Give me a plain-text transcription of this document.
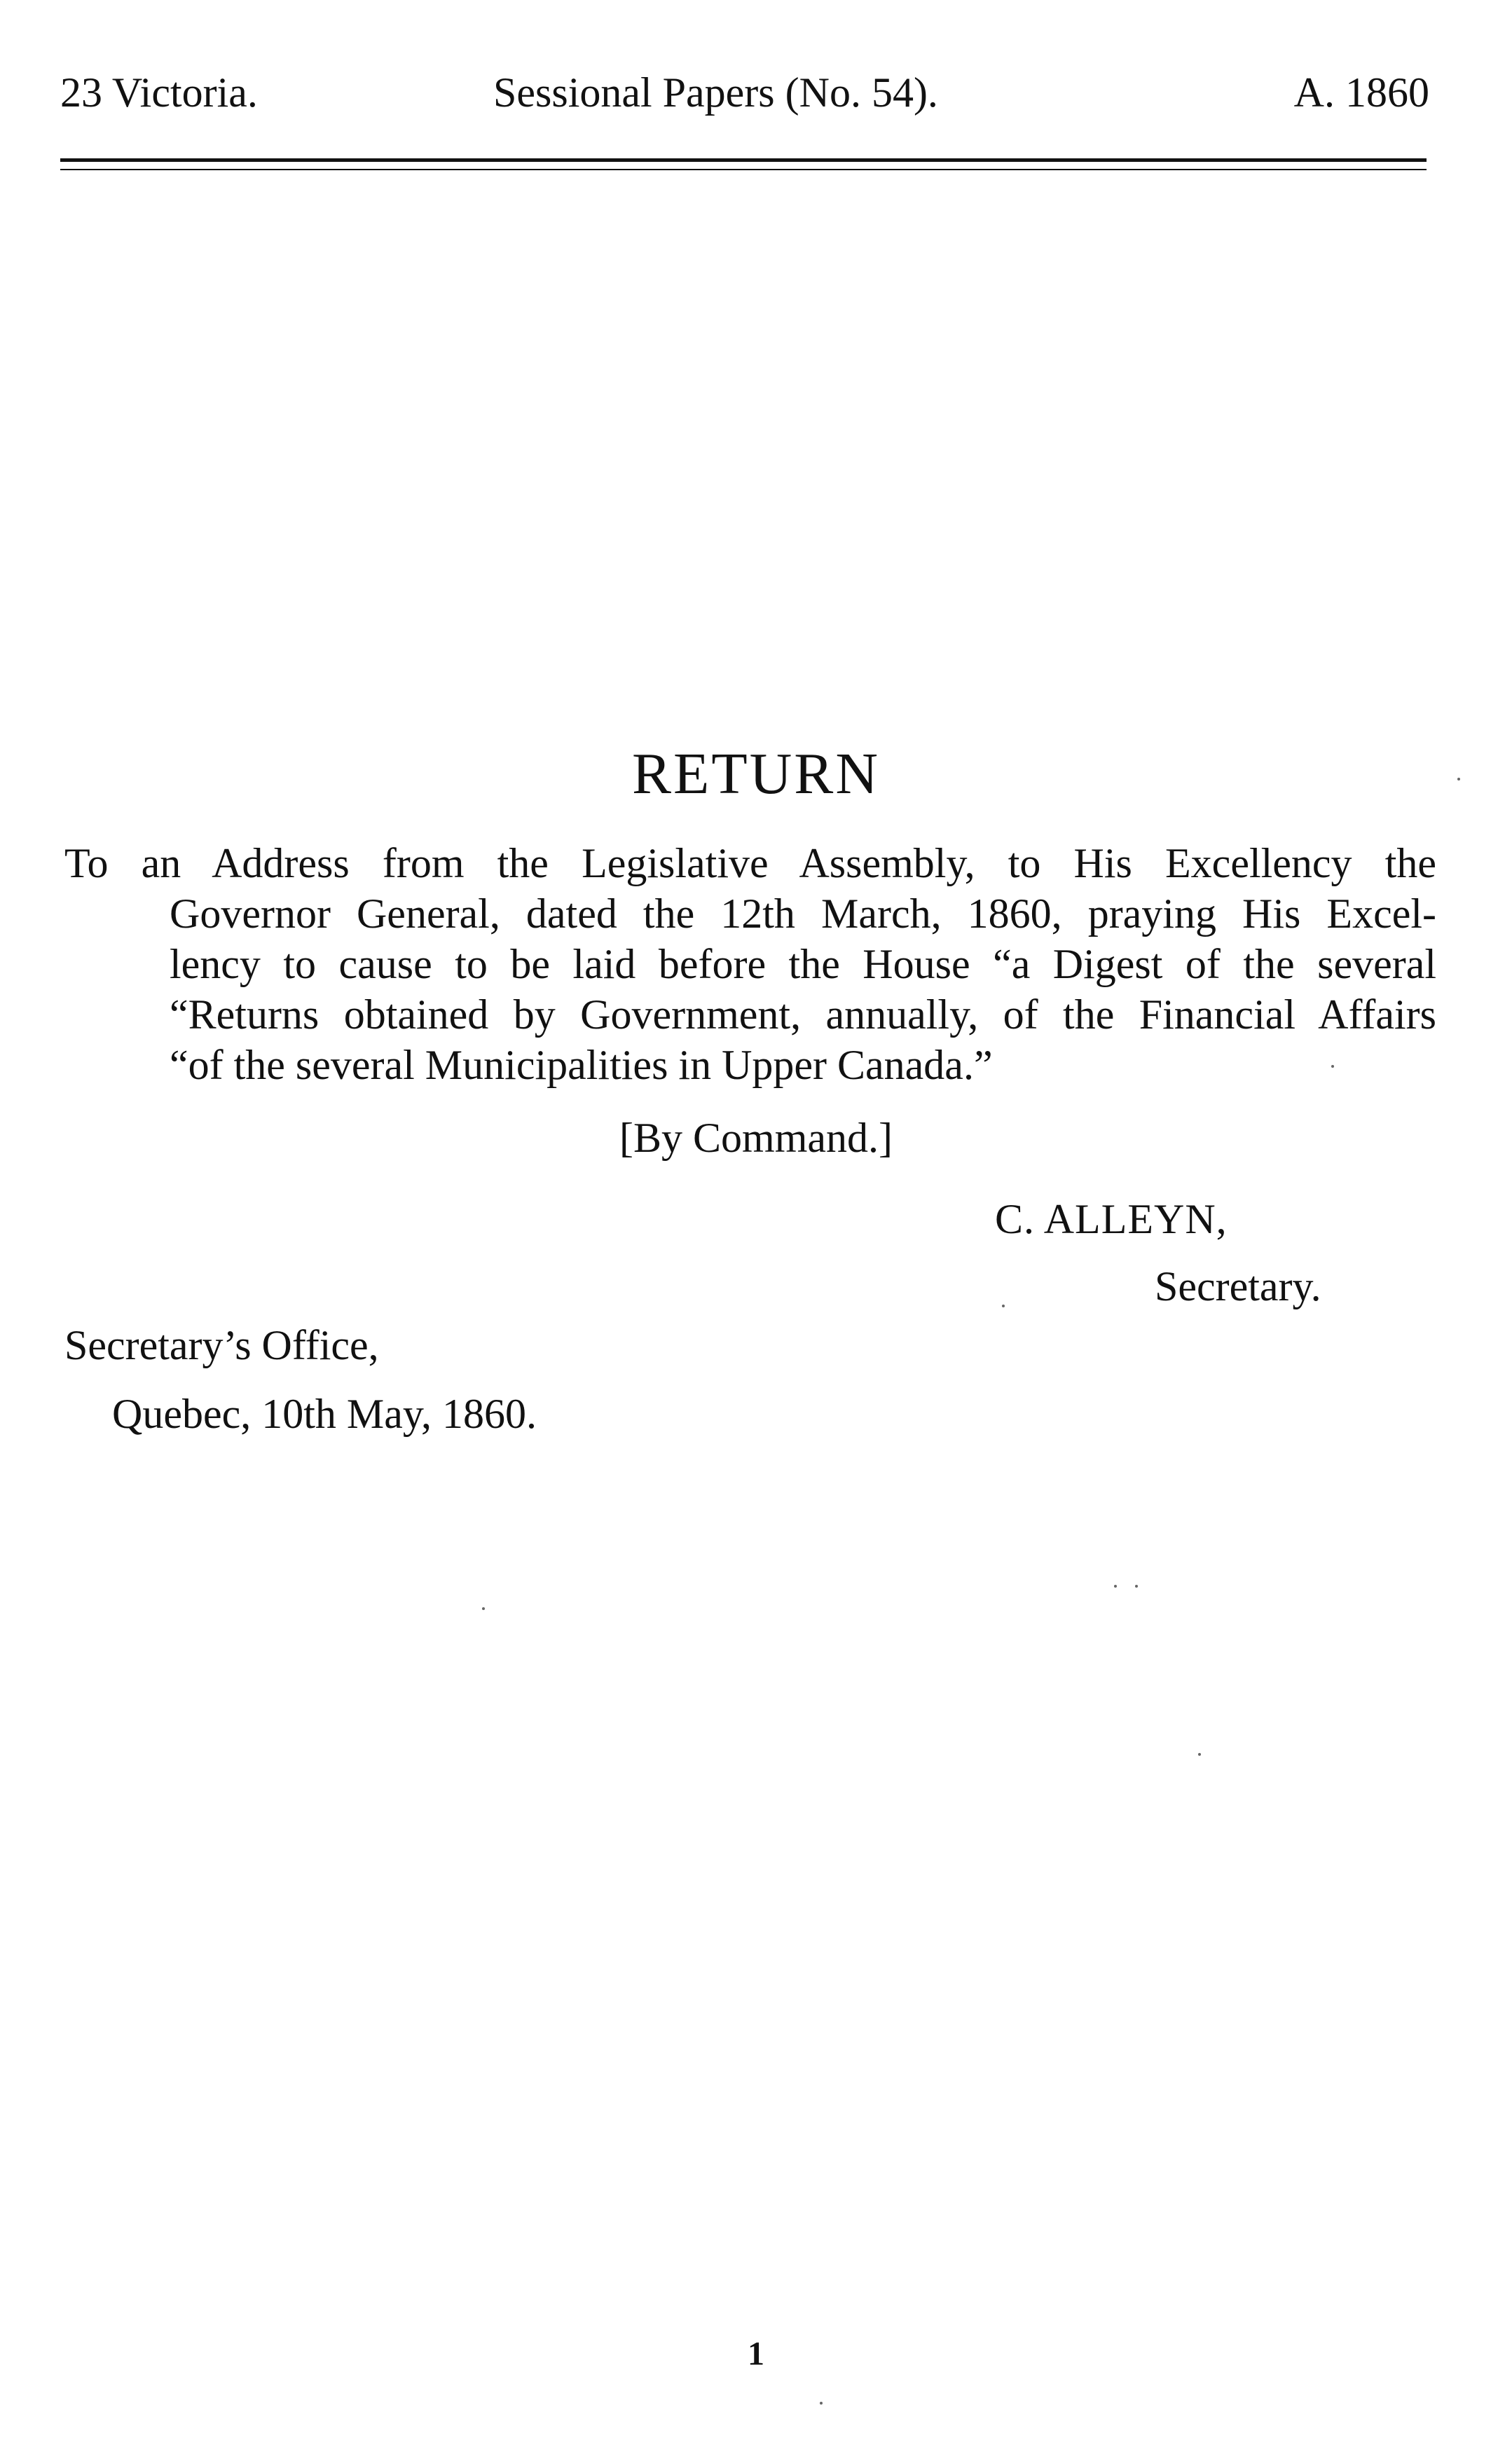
23 Victoria.	Sessional Papers (No. 54).	A. 1860
RETURN
To an Address from the Legislative Assembly, to His Excellency the
Governor General, dated the 12th March, 1860, praying His Excel-
lency to cause to be laid before the House “a Digest of the several
“Returns obtained by Government, annually, of the Financial Affairs
“of the several Municipalities in Upper Canada.”
[By Command.]
C. ALLEYN,
Secretary.
Secretary’s Office,
Quebec, 10th May, 1860.
1
